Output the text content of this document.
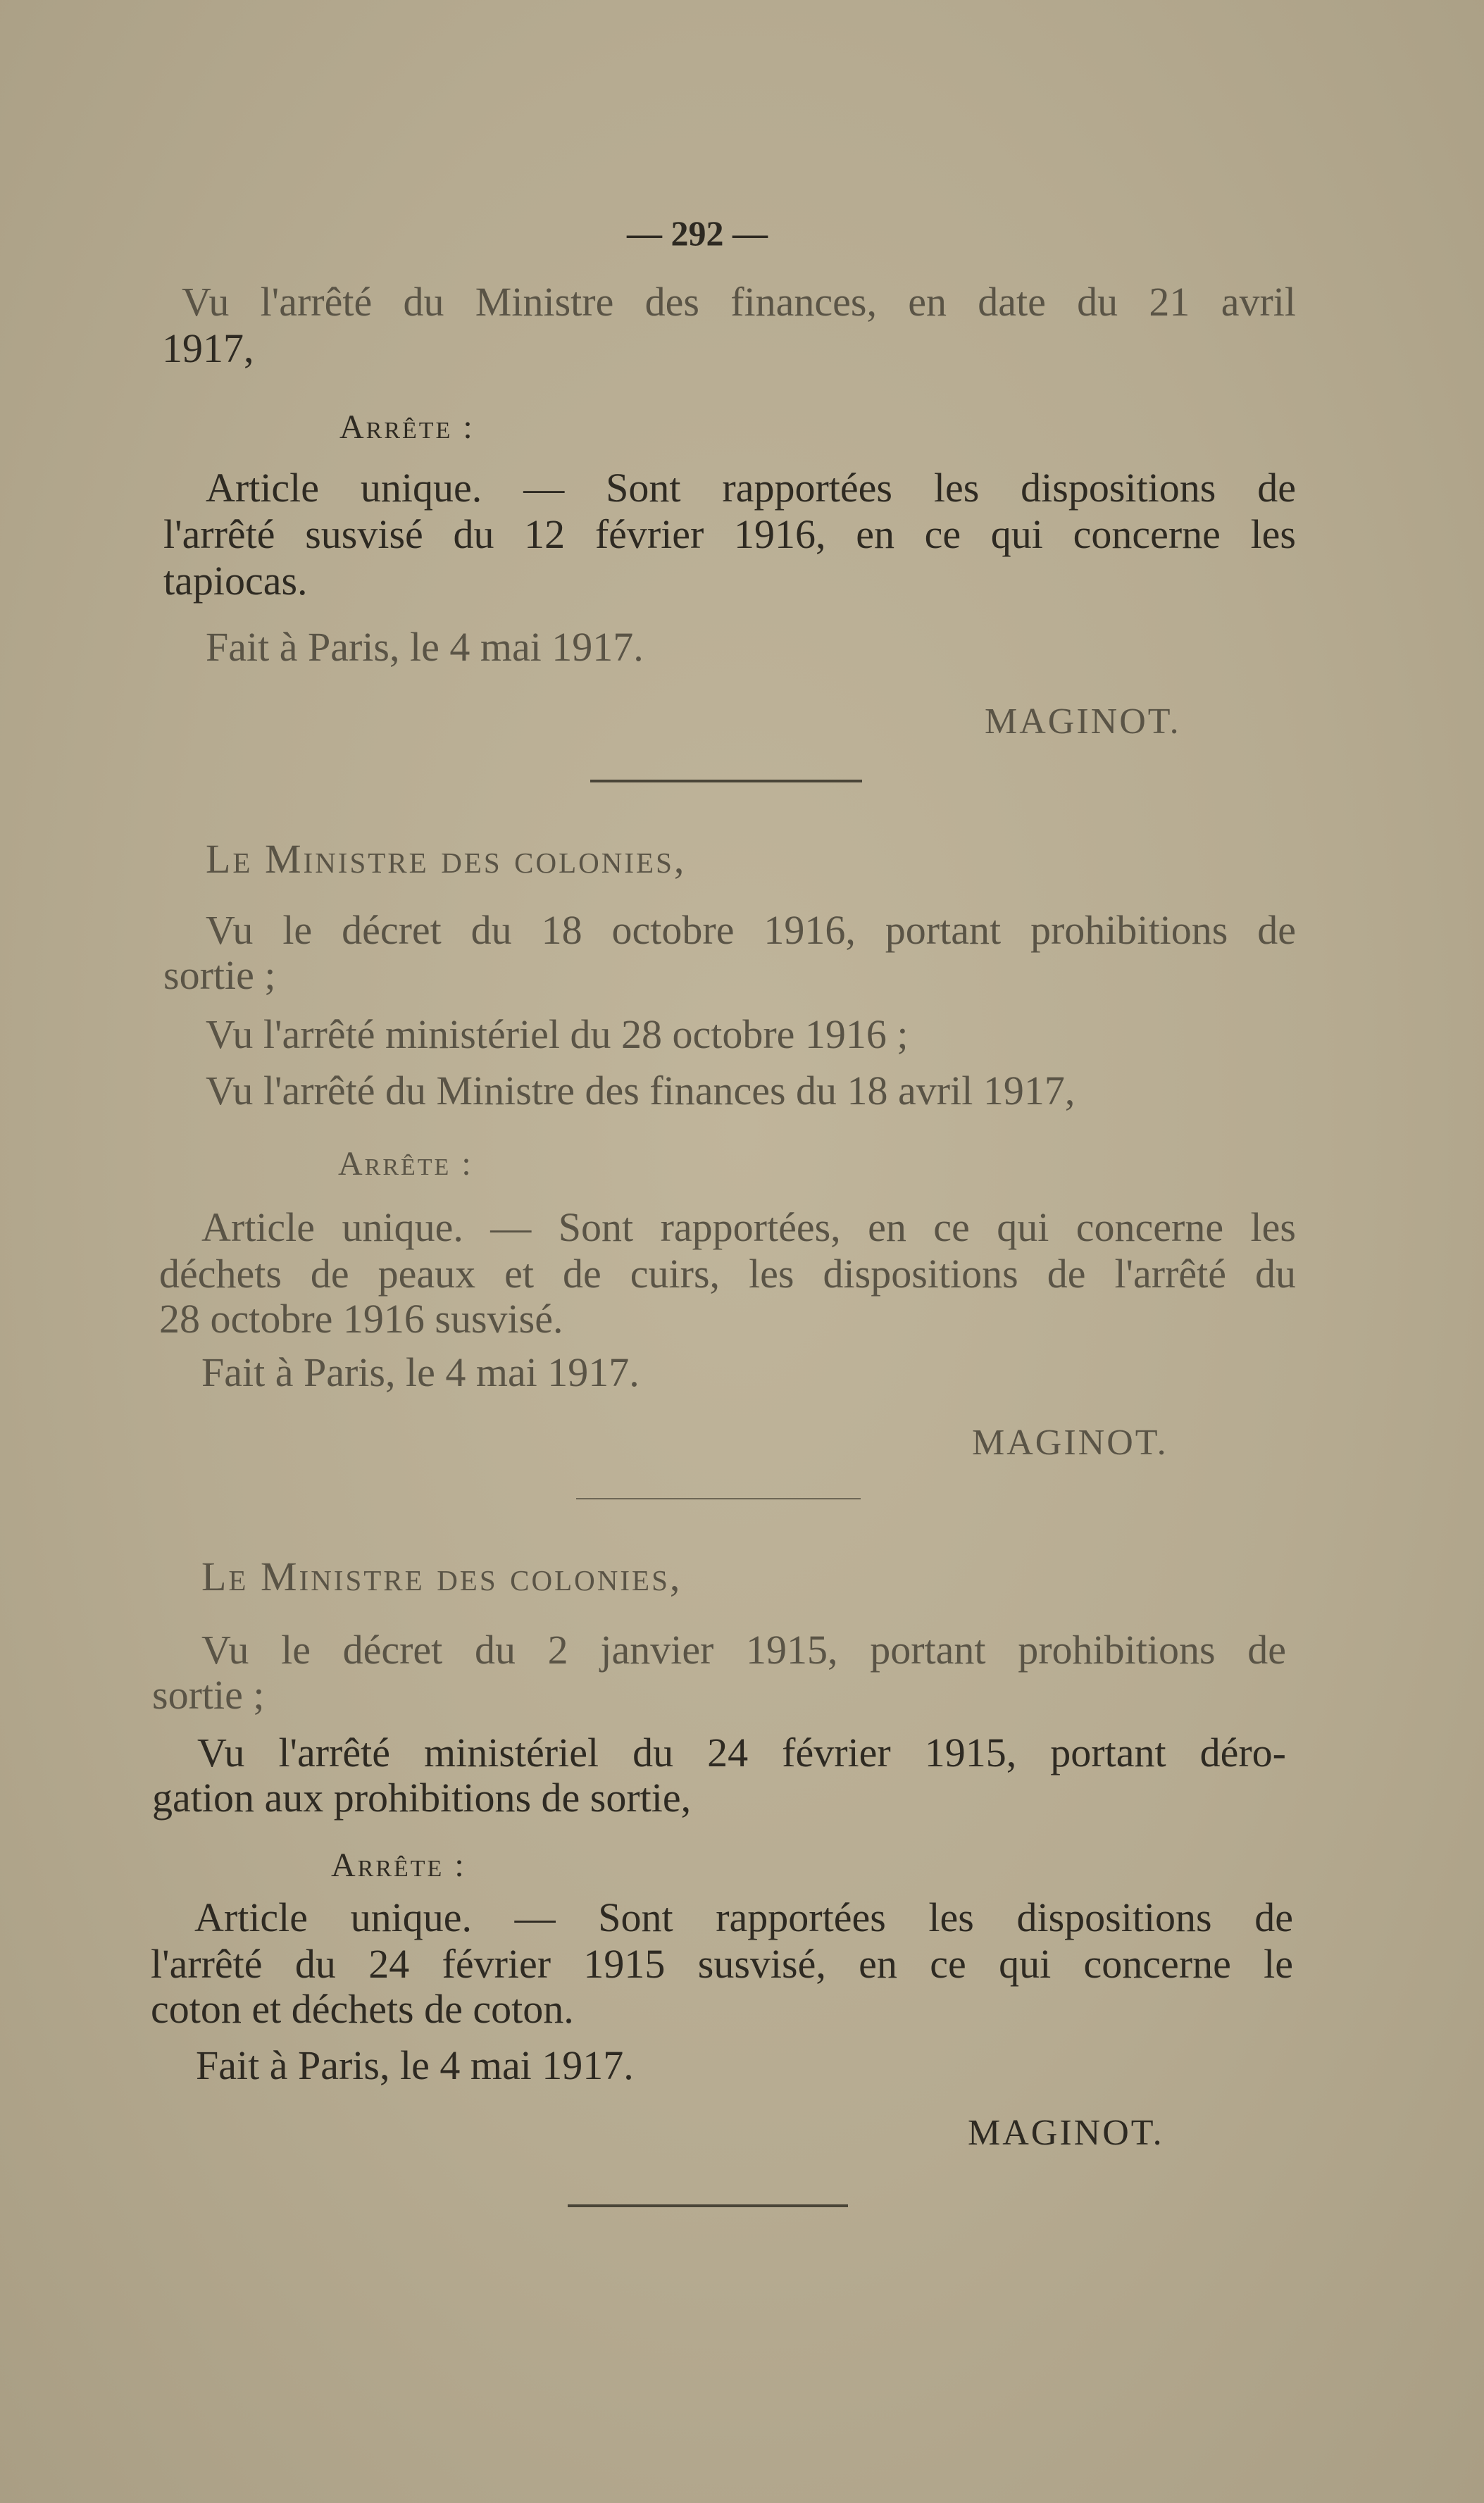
— 292 —
Vu l'arrêté du Ministre des finances, en date du 21 avril
1917,
Arrête :
Article unique. — Sont rapportées les dispositions de
l'arrêté susvisé du 12 février 1916, en ce qui concerne les
tapiocas.
Fait à Paris, le 4 mai 1917.
MAGINOT.
Le Ministre des colonies,
Vu le décret du 18 octobre 1916, portant prohibitions de
sortie ;
Vu l'arrêté ministériel du 28 octobre 1916 ;
Vu l'arrêté du Ministre des finances du 18 avril 1917,
Arrête :
Article unique. — Sont rapportées, en ce qui concerne les
déchets de peaux et de cuirs, les dispositions de l'arrêté du
28 octobre 1916 susvisé.
Fait à Paris, le 4 mai 1917.
MAGINOT.
Le Ministre des colonies,
Vu le décret du 2 janvier 1915, portant prohibitions de
sortie ;
Vu l'arrêté ministériel du 24 février 1915, portant déro-
gation aux prohibitions de sortie,
Arrête :
Article unique. — Sont rapportées les dispositions de
l'arrêté du 24 février 1915 susvisé, en ce qui concerne le
coton et déchets de coton.
Fait à Paris, le 4 mai 1917.
MAGINOT.
